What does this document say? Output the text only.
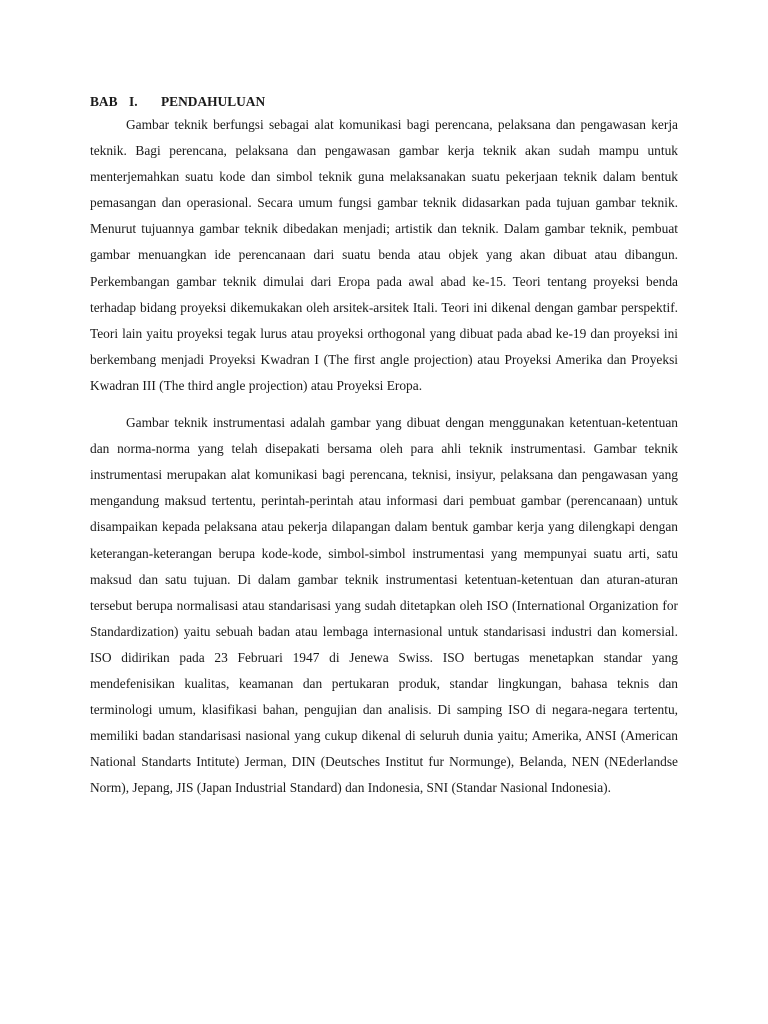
BAB I. PENDAHULUAN

Gambar teknik berfungsi sebagai alat komunikasi bagi perencana, pelaksana dan pengawasan kerja teknik. Bagi perencana, pelaksana dan pengawasan gambar kerja teknik akan sudah mampu untuk menterjemahkan suatu kode dan simbol teknik guna melaksanakan suatu pekerjaan teknik dalam bentuk pemasangan dan operasional. Secara umum fungsi gambar teknik didasarkan pada tujuan gambar teknik. Menurut tujuannya gambar teknik dibedakan menjadi; artistik dan teknik. Dalam gambar teknik, pembuat gambar menuangkan ide perencanaan dari suatu benda atau objek yang akan dibuat atau dibangun. Perkembangan gambar teknik dimulai dari Eropa pada awal abad ke-15. Teori tentang proyeksi benda terhadap bidang proyeksi dikemukakan oleh arsitek-arsitek Itali. Teori ini dikenal dengan gambar perspektif. Teori lain yaitu proyeksi tegak lurus atau proyeksi orthogonal yang dibuat pada abad ke-19 dan proyeksi ini berkembang menjadi Proyeksi Kwadran I (The first angle projection) atau Proyeksi Amerika dan Proyeksi Kwadran III (The third angle projection) atau Proyeksi Eropa.

Gambar teknik instrumentasi adalah gambar yang dibuat dengan menggunakan ketentuan-ketentuan dan norma-norma yang telah disepakati bersama oleh para ahli teknik instrumentasi. Gambar teknik instrumentasi merupakan alat komunikasi bagi perencana, teknisi, insiyur, pelaksana dan pengawasan yang mengandung maksud tertentu, perintah-perintah atau informasi dari pembuat gambar (perencanaan) untuk disampaikan kepada pelaksana atau pekerja dilapangan dalam bentuk gambar kerja yang dilengkapi dengan keterangan-keterangan berupa kode-kode, simbol-simbol instrumentasi yang mempunyai suatu arti, satu maksud dan satu tujuan. Di dalam gambar teknik instrumentasi ketentuan-ketentuan dan aturan-aturan tersebut berupa normalisasi atau standarisasi yang sudah ditetapkan oleh ISO (International Organization for Standardization) yaitu sebuah badan atau lembaga internasional untuk standarisasi industri dan komersial. ISO didirikan pada 23 Februari 1947 di Jenewa Swiss. ISO bertugas menetapkan standar yang mendefenisikan kualitas, keamanan dan pertukaran produk, standar lingkungan, bahasa teknis dan terminologi umum, klasifikasi bahan, pengujian dan analisis. Di samping ISO di negara-negara tertentu, memiliki badan standarisasi nasional yang cukup dikenal di seluruh dunia yaitu; Amerika, ANSI (American National Standarts Intitute) Jerman, DIN (Deutsches Institut fur Normunge), Belanda, NEN (NEderlandse Norm), Jepang, JIS (Japan Industrial Standard) dan Indonesia, SNI (Standar Nasional Indonesia).
